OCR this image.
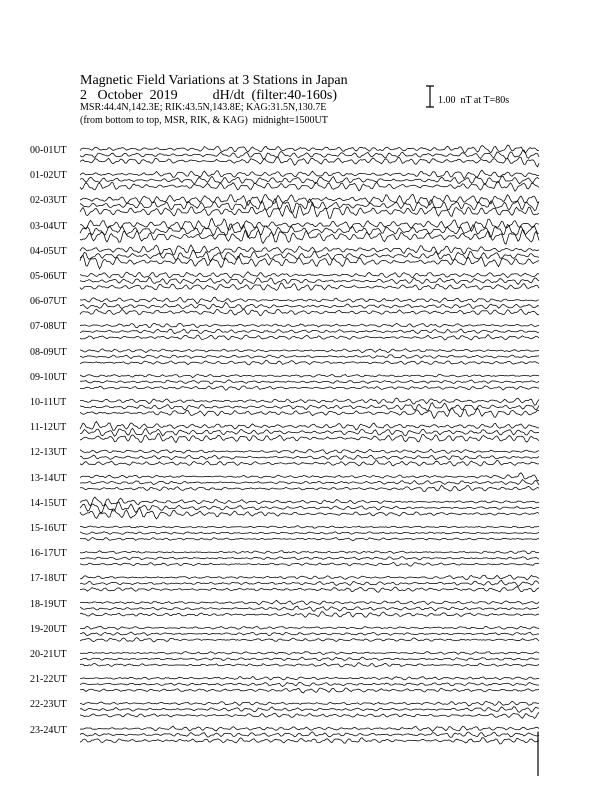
Magnetic Field Variations at 3 Stations in Japan
2   October  2019	dH/dt  (filter:40-160s)
MSR:44.4N,142.3E; RIK:43.5N,143.8E; KAG:31.5N,130.7E
(from bottom to top, MSR, RIK, & KAG)  midnight=1500UT
1.00  nT at T=80s
00-01UT
01-02UT
02-03UT
03-04UT
04-05UT
05-06UT
06-07UT
07-08UT
08-09UT
09-10UT
10-11UT
11-12UT
12-13UT
13-14UT
14-15UT
15-16UT
16-17UT
17-18UT
18-19UT
19-20UT
20-21UT
21-22UT
22-23UT
23-24UT
